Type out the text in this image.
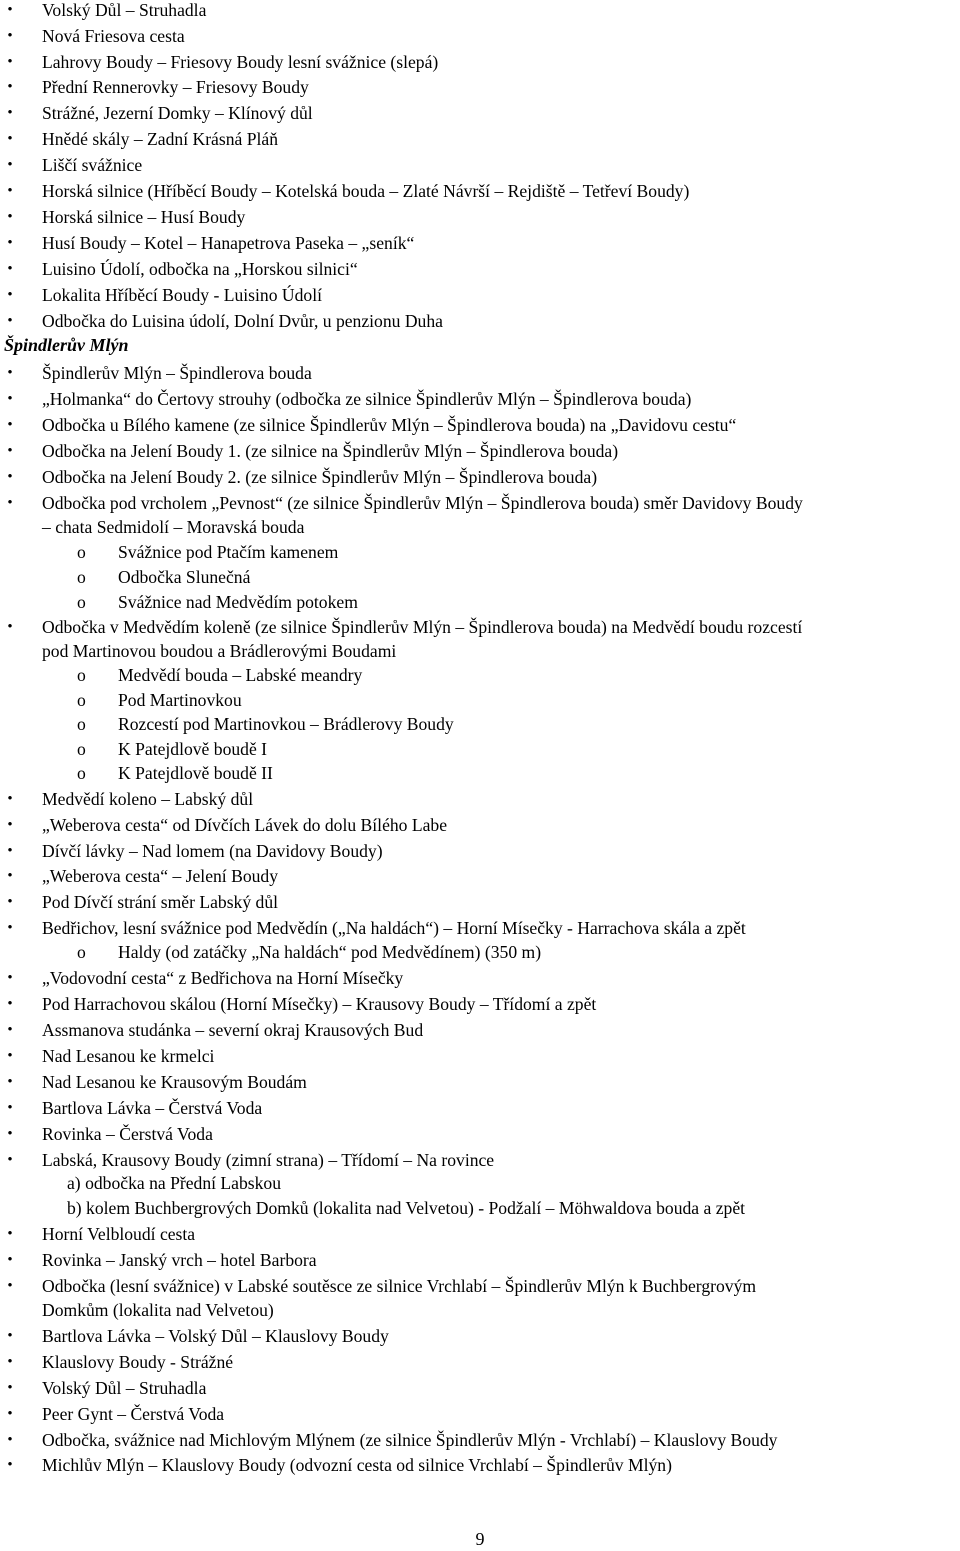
• Volský Důl – Struhadla
• Nová Friesova cesta
• Lahrovy Boudy – Friesovy Boudy lesní svážnice (slepá)
• Přední Rennerovky – Friesovy Boudy
• Strážné, Jezerní Domky – Klínový důl
• Hnědé skály – Zadní Krásná Pláň
• Liščí svážnice
• Horská silnice (Hříběcí Boudy – Kotelská bouda – Zlaté Návrší – Rejdiště – Tetřeví Boudy)
• Horská silnice – Husí Boudy
• Husí Boudy – Kotel – Hanapetrova Paseka – „seník“
• Luisino Údolí, odbočka na „Horskou silnici“
• Lokalita Hříběcí Boudy - Luisino Údolí
• Odbočka do Luisina údolí, Dolní Dvůr, u penzionu Duha
Špindlerův Mlýn
• Špindlerův Mlýn – Špindlerova bouda
• „Holmanka“ do Čertovy strouhy (odbočka ze silnice Špindlerův Mlýn – Špindlerova bouda)
• Odbočka u Bílého kamene (ze silnice Špindlerův Mlýn – Špindlerova bouda) na „Davidovu cestu“
• Odbočka na Jelení Boudy 1. (ze silnice na Špindlerův Mlýn – Špindlerova bouda)
• Odbočka na Jelení Boudy 2. (ze silnice Špindlerův Mlýn – Špindlerova bouda)
• Odbočka pod vrcholem „Pevnost“ (ze silnice Špindlerův Mlýn – Špindlerova bouda) směr Davidovy Boudy
– chata Sedmidolí – Moravská bouda
o Svážnice pod Ptačím kamenem
o Odbočka Slunečná
o Svážnice nad Medvědím potokem
• Odbočka v Medvědím koleně (ze silnice Špindlerův Mlýn – Špindlerova bouda) na Medvědí boudu rozcestí
pod Martinovou boudou a Brádlerovými Boudami
o Medvědí bouda – Labské meandry
o Pod Martinovkou
o Rozcestí pod Martinovkou – Brádlerovy Boudy
o K Patejdlově boudě I
o K Patejdlově boudě II
• Medvědí koleno – Labský důl
• „Weberova cesta“ od Dívčích Lávek do dolu Bílého Labe
• Dívčí lávky – Nad lomem (na Davidovy Boudy)
• „Weberova cesta“ – Jelení Boudy
• Pod Dívčí strání směr Labský důl
• Bedřichov, lesní svážnice pod Medvědín („Na haldách“) – Horní Mísečky - Harrachova skála a zpět
o Haldy (od zatáčky „Na haldách“ pod Medvědínem) (350 m)
• „Vodovodní cesta“ z Bedřichova na Horní Mísečky
• Pod Harrachovou skálou (Horní Mísečky) – Krausovy Boudy – Třídomí a zpět
• Assmanova studánka – severní okraj Krausových Bud
• Nad Lesanou ke krmelci
• Nad Lesanou ke Krausovým Boudám
• Bartlova Lávka – Čerstvá Voda
• Rovinka – Čerstvá Voda
• Labská, Krausovy Boudy (zimní strana) – Třídomí – Na rovince
a) odbočka na Přední Labskou
b) kolem Buchbergrových Domků (lokalita nad Velvetou) - Podžalí – Möhwaldova bouda a zpět
• Horní Velbloudí cesta
• Rovinka – Janský vrch – hotel Barbora
• Odbočka (lesní svážnice) v Labské soutěsce ze silnice Vrchlabí – Špindlerův Mlýn k Buchbergrovým
Domkům (lokalita nad Velvetou)
• Bartlova Lávka – Volský Důl – Klauslovy Boudy
• Klauslovy Boudy - Strážné
• Volský Důl – Struhadla
• Peer Gynt – Čerstvá Voda
• Odbočka, svážnice nad Michlovým Mlýnem (ze silnice Špindlerův Mlýn - Vrchlabí) – Klauslovy Boudy
• Michlův Mlýn – Klauslovy Boudy (odvozní cesta od silnice Vrchlabí – Špindlerův Mlýn)
9
